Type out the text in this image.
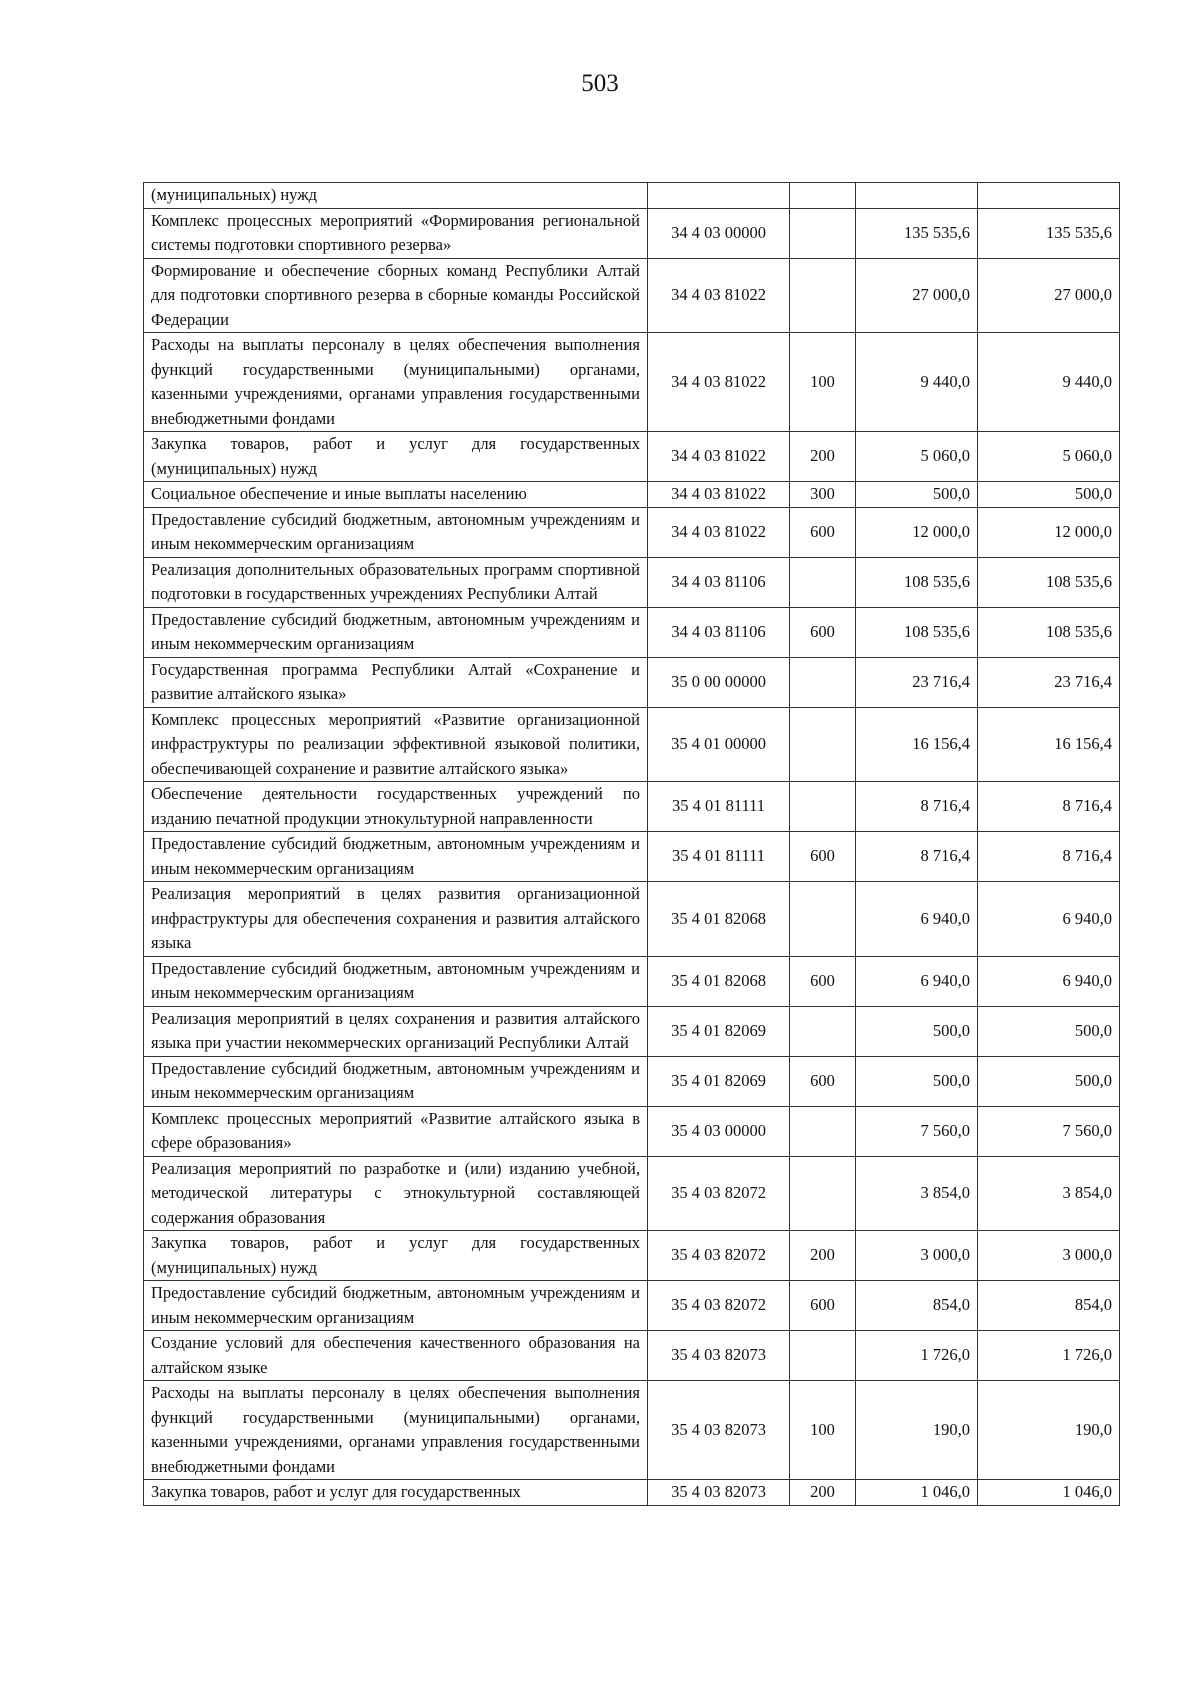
503
(муниципальных) нужд				
Комплекс процессных мероприятий «Формирования региональной системы подготовки спортивного резерва»	34 4 03 00000		135 535,6	135 535,6
Формирование и обеспечение сборных команд Республики Алтай для подготовки спортивного резерва в сборные команды Российской Федерации	34 4 03 81022		27 000,0	27 000,0
Расходы на выплаты персоналу в целях обеспечения выполнения функций государственными (муниципальными) органами, казенными учреждениями, органами управления государственными внебюджетными фондами	34 4 03 81022	100	9 440,0	9 440,0
Закупка товаров, работ и услуг для государственных (муниципальных) нужд	34 4 03 81022	200	5 060,0	5 060,0
Социальное обеспечение и иные выплаты населению	34 4 03 81022	300	500,0	500,0
Предоставление субсидий бюджетным, автономным учреждениям и иным некоммерческим организациям	34 4 03 81022	600	12 000,0	12 000,0
Реализация дополнительных образовательных программ спортивной подготовки в государственных учреждениях Республики Алтай	34 4 03 81106		108 535,6	108 535,6
Предоставление субсидий бюджетным, автономным учреждениям и иным некоммерческим организациям	34 4 03 81106	600	108 535,6	108 535,6
Государственная программа Республики Алтай «Сохранение и развитие алтайского языка»	35 0 00 00000		23 716,4	23 716,4
Комплекс процессных мероприятий «Развитие организационной инфраструктуры по реализации эффективной языковой политики, обеспечивающей сохранение и развитие алтайского языка»	35 4 01 00000		16 156,4	16 156,4
Обеспечение деятельности государственных учреждений по изданию печатной продукции этнокультурной направленности	35 4 01 81111		8 716,4	8 716,4
Предоставление субсидий бюджетным, автономным учреждениям и иным некоммерческим организациям	35 4 01 81111	600	8 716,4	8 716,4
Реализация мероприятий в целях развития организационной инфраструктуры для обеспечения сохранения и развития алтайского языка	35 4 01 82068		6 940,0	6 940,0
Предоставление субсидий бюджетным, автономным учреждениям и иным некоммерческим организациям	35 4 01 82068	600	6 940,0	6 940,0
Реализация мероприятий в целях сохранения и развития алтайского языка при участии некоммерческих организаций Республики Алтай	35 4 01 82069		500,0	500,0
Предоставление субсидий бюджетным, автономным учреждениям и иным некоммерческим организациям	35 4 01 82069	600	500,0	500,0
Комплекс процессных мероприятий «Развитие алтайского языка в сфере образования»	35 4 03 00000		7 560,0	7 560,0
Реализация мероприятий по разработке и (или) изданию учебной, методической литературы с этнокультурной составляющей содержания образования	35 4 03 82072		3 854,0	3 854,0
Закупка товаров, работ и услуг для государственных (муниципальных) нужд	35 4 03 82072	200	3 000,0	3 000,0
Предоставление субсидий бюджетным, автономным учреждениям и иным некоммерческим организациям	35 4 03 82072	600	854,0	854,0
Создание условий для обеспечения качественного образования на алтайском языке	35 4 03 82073		1 726,0	1 726,0
Расходы на выплаты персоналу в целях обеспечения выполнения функций государственными (муниципальными) органами, казенными учреждениями, органами управления государственными внебюджетными фондами	35 4 03 82073	100	190,0	190,0
Закупка товаров, работ и услуг для государственных	35 4 03 82073	200	1 046,0	1 046,0
